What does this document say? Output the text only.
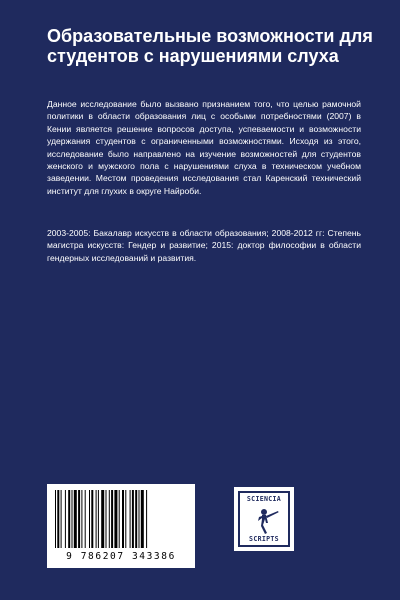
Образовательные возможности для студентов с нарушениями слуха

Данное исследование было вызвано признанием того, что целью рамочной политики в области образования лиц с особыми потребностями (2007) в Кении является решение вопросов доступа, успеваемости и возможности удержания студентов с ограниченными возможностями. Исходя из этого, исследование было направлено на изучение возможностей для студентов женского и мужского пола с нарушениями слуха в техническом учебном заведении. Местом проведения исследования стал Каренский технический институт для глухих в округе Найроби.

2003-2005: Бакалавр искусств в области образования; 2008-2012 гг: Степень магистра искусств: Гендер и развитие; 2015: доктор философии в области гендерных исследований и развития.

9 786207 343386
SCIENCIA
SCRIPTS
